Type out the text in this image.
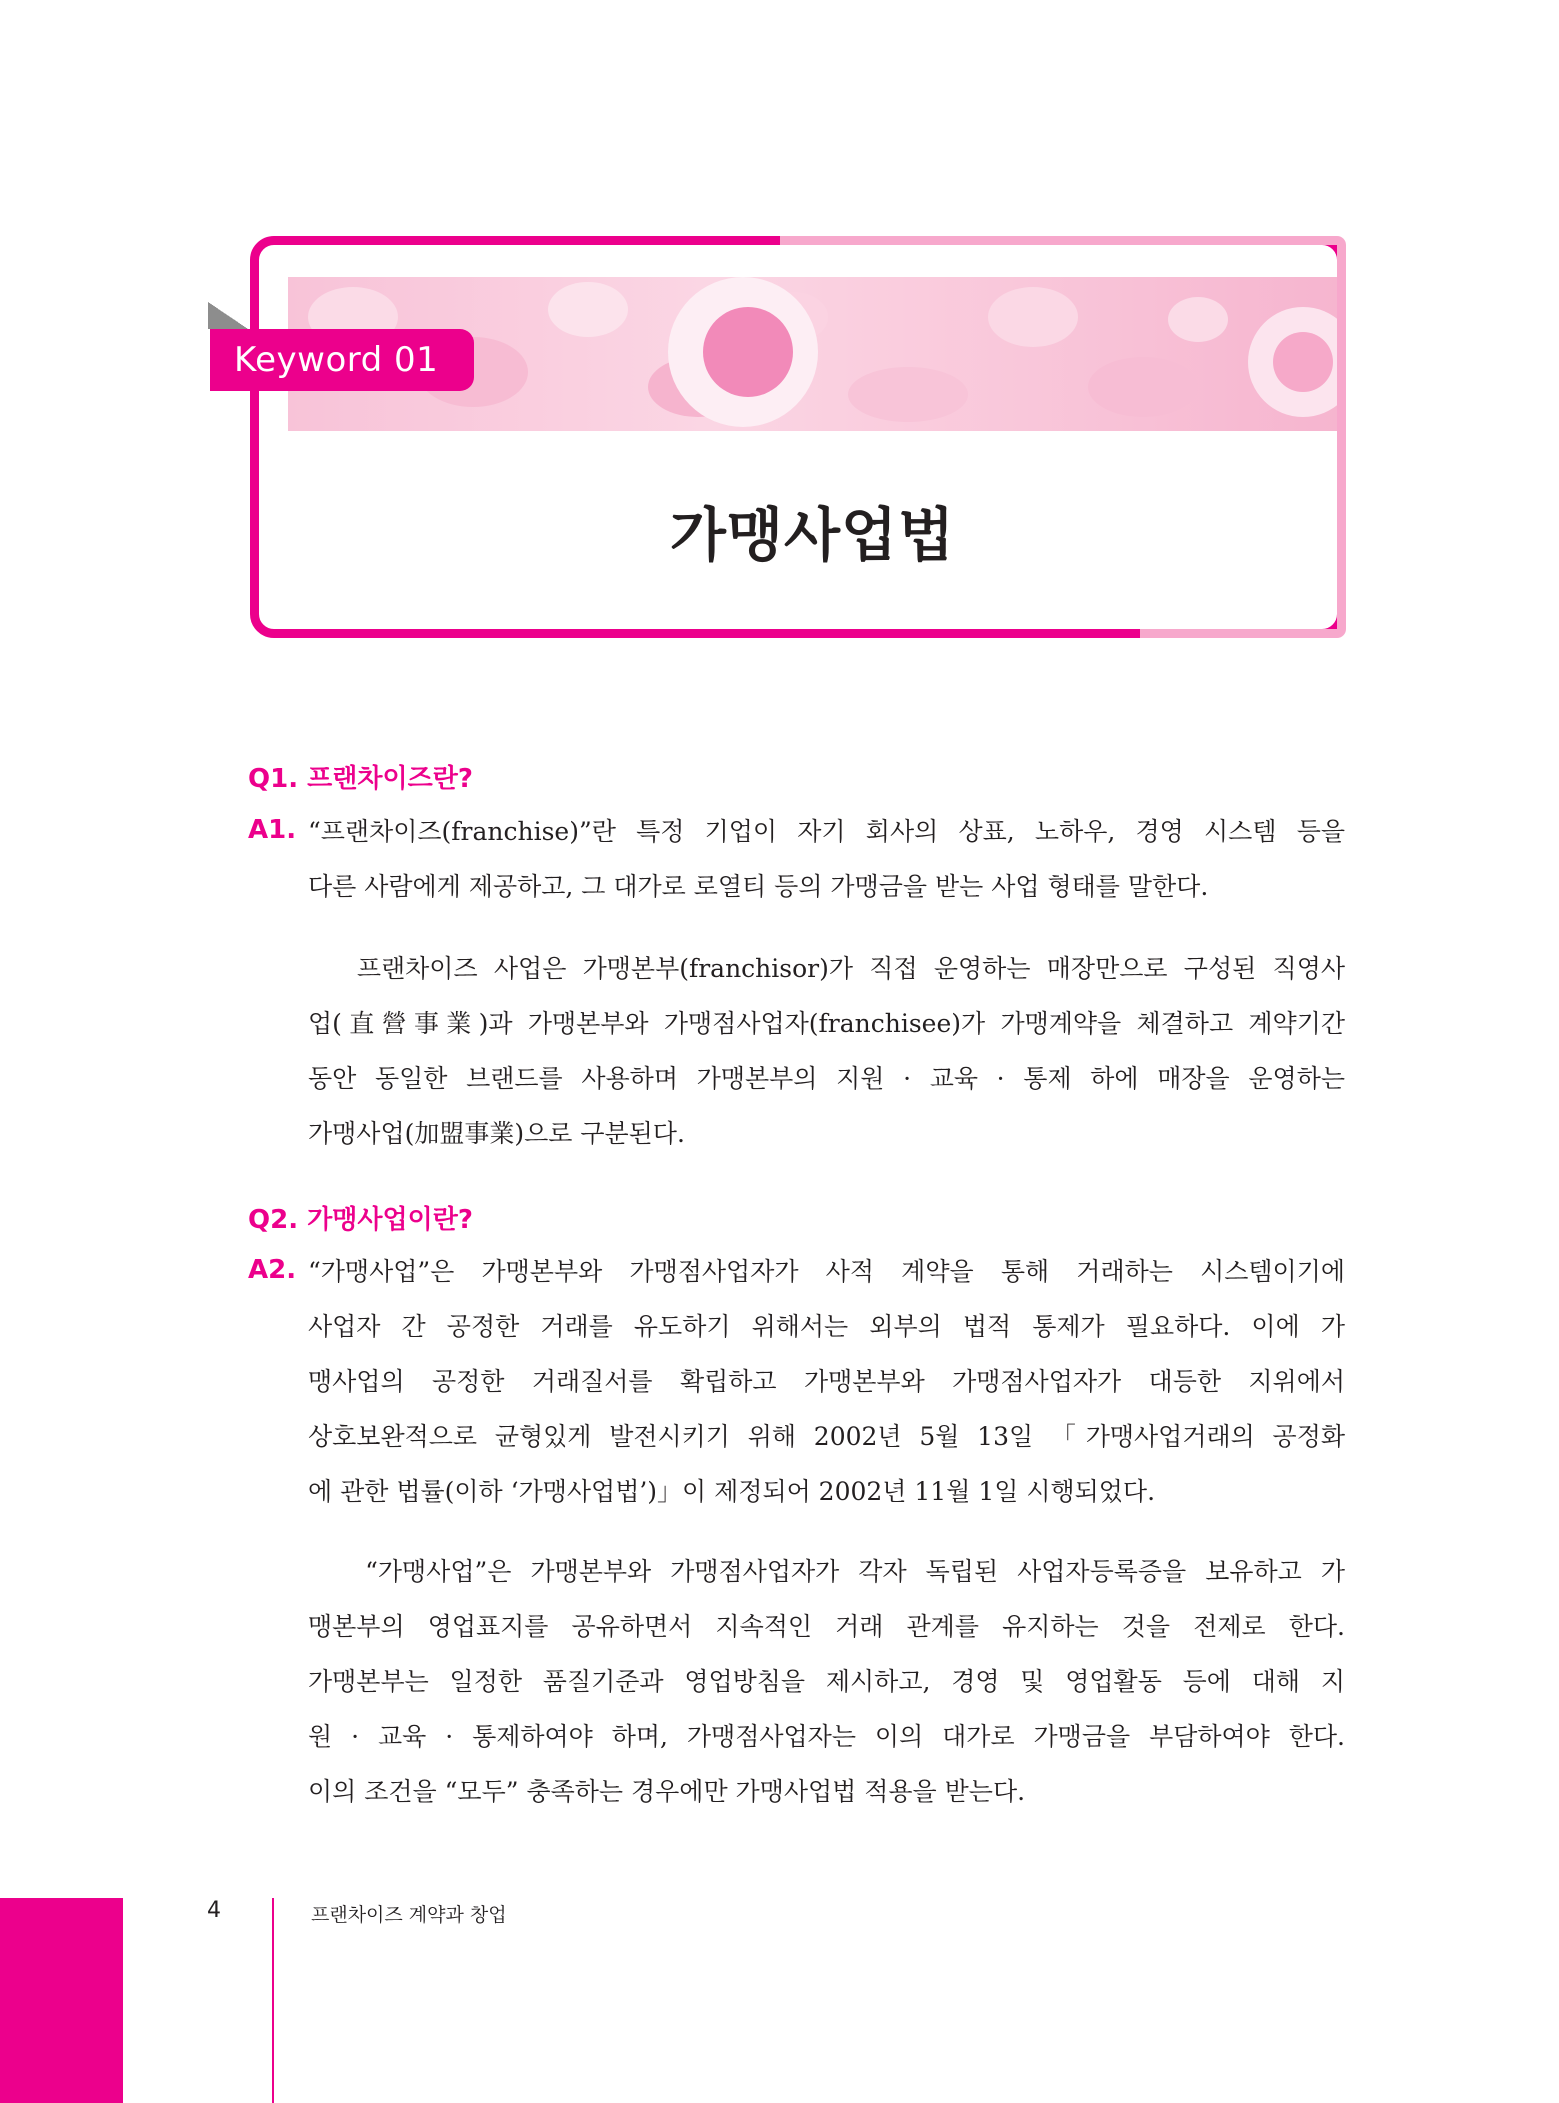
Keyword 01
가맹사업법
Q1. 프랜차이즈란?
A1. “프랜차이즈(franchise)”란 특정 기업이 자기 회사의 상표, 노하우, 경영 시스템 등을
다른 사람에게 제공하고, 그 대가로 로열티 등의 가맹금을 받는 사업 형태를 말한다.
프랜차이즈 사업은 가맹본부(franchisor)가 직접 운영하는 매장만으로 구성된 직영사
업(直營事業)과 가맹본부와 가맹점사업자(franchisee)가 가맹계약을 체결하고 계약기간
동안 동일한 브랜드를 사용하며 가맹본부의 지원 · 교육 · 통제 하에 매장을 운영하는
가맹사업(加盟事業)으로 구분된다.
Q2. 가맹사업이란?
A2. “가맹사업”은 가맹본부와 가맹점사업자가 사적 계약을 통해 거래하는 시스템이기에
사업자 간 공정한 거래를 유도하기 위해서는 외부의 법적 통제가 필요하다. 이에 가
맹사업의 공정한 거래질서를 확립하고 가맹본부와 가맹점사업자가 대등한 지위에서
상호보완적으로 균형있게 발전시키기 위해 2002년 5월 13일 「가맹사업거래의 공정화
에 관한 법률(이하 ‘가맹사업법’)」이 제정되어 2002년 11월 1일 시행되었다.
“가맹사업”은 가맹본부와 가맹점사업자가 각자 독립된 사업자등록증을 보유하고 가
맹본부의 영업표지를 공유하면서 지속적인 거래 관계를 유지하는 것을 전제로 한다.
가맹본부는 일정한 품질기준과 영업방침을 제시하고, 경영 및 영업활동 등에 대해 지
원 · 교육 · 통제하여야 하며, 가맹점사업자는 이의 대가로 가맹금을 부담하여야 한다.
이의 조건을 “모두” 충족하는 경우에만 가맹사업법 적용을 받는다.
4	프랜차이즈 계약과 창업
